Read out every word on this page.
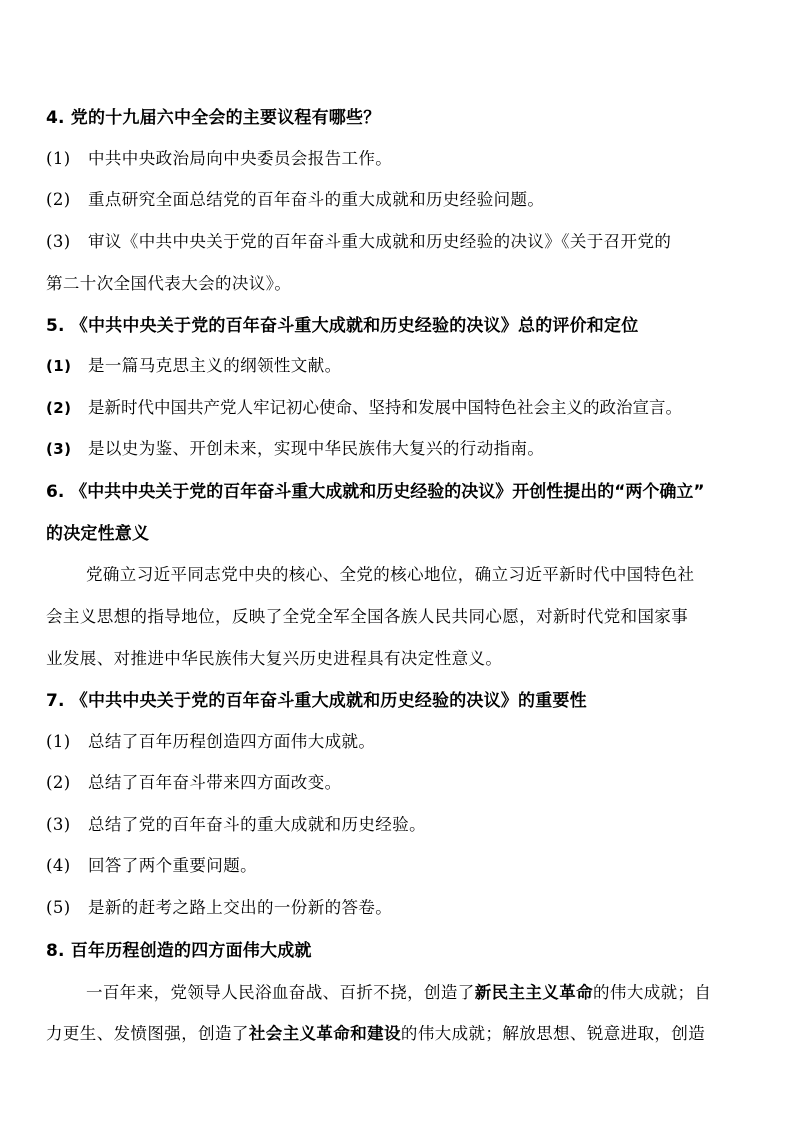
4. 党的十九届六中全会的主要议程有哪些？
(1) 中共中央政治局向中央委员会报告工作。
(2) 重点研究全面总结党的百年奋斗的重大成就和历史经验问题。
(3) 审议《中共中央关于党的百年奋斗重大成就和历史经验的决议》《关于召开党的
第二十次全国代表大会的决议》。
5. 《中共中央关于党的百年奋斗重大成就和历史经验的决议》总的评价和定位
(1) 是一篇马克思主义的纲领性文献。
(2) 是新时代中国共产党人牢记初心使命、坚持和发展中国特色社会主义的政治宣言。
(3) 是以史为鉴、开创未来，实现中华民族伟大复兴的行动指南。
6. 《中共中央关于党的百年奋斗重大成就和历史经验的决议》开创性提出的“两个确立”
的决定性意义
党确立习近平同志党中央的核心、全党的核心地位，确立习近平新时代中国特色社
会主义思想的指导地位，反映了全党全军全国各族人民共同心愿，对新时代党和国家事
业发展、对推进中华民族伟大复兴历史进程具有决定性意义。
7. 《中共中央关于党的百年奋斗重大成就和历史经验的决议》的重要性
(1) 总结了百年历程创造四方面伟大成就。
(2) 总结了百年奋斗带来四方面改变。
(3) 总结了党的百年奋斗的重大成就和历史经验。
(4) 回答了两个重要问题。
(5) 是新的赶考之路上交出的一份新的答卷。
8. 百年历程创造的四方面伟大成就
一百年来，党领导人民浴血奋战、百折不挠，创造了新民主主义革命的伟大成就；自
力更生、发愤图强，创造了社会主义革命和建设的伟大成就；解放思想、锐意进取，创造
